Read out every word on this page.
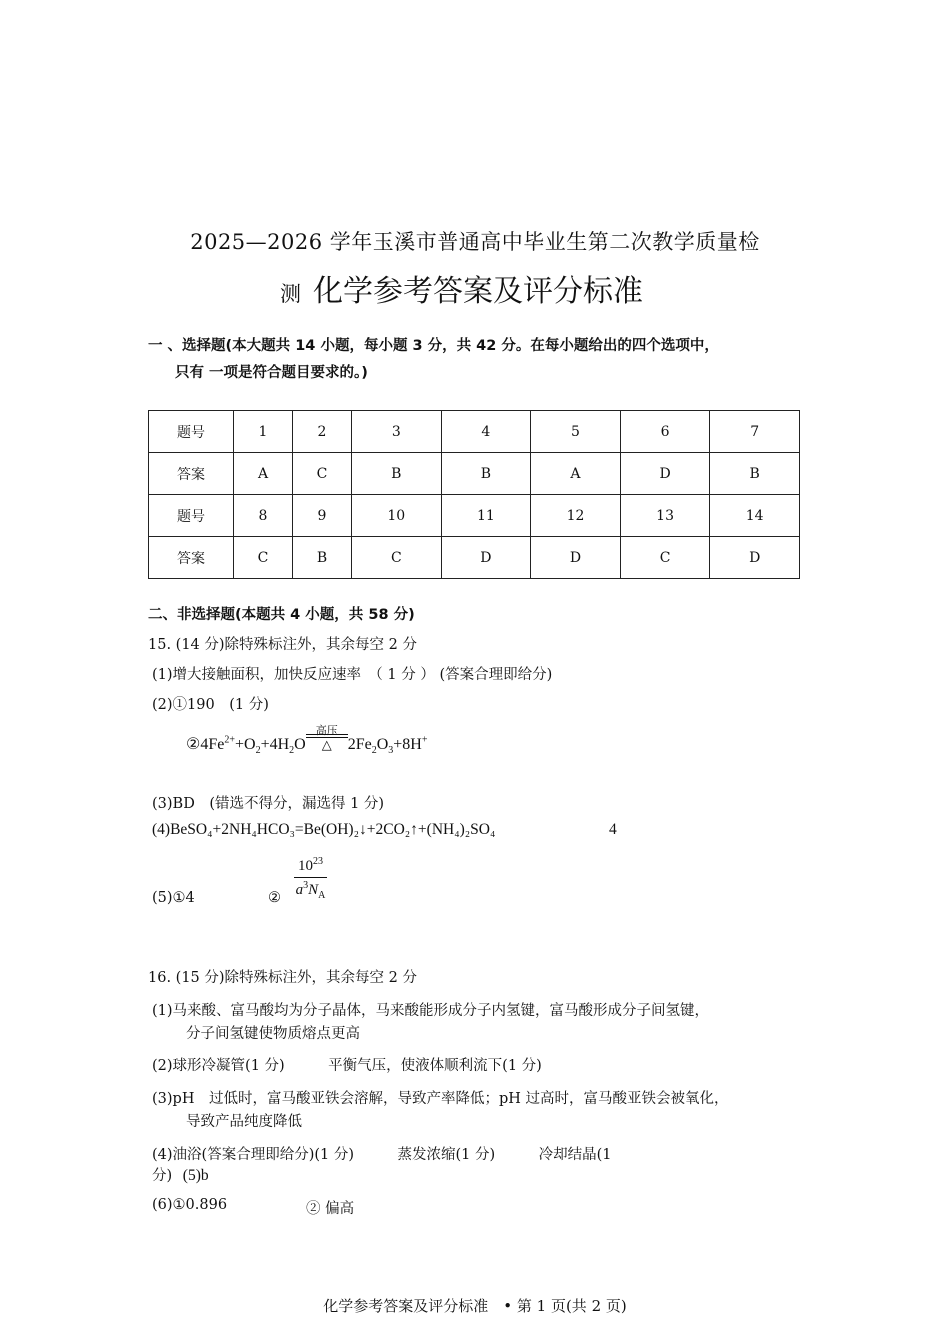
2025—2026 学年玉溪市普通高中毕业生第二次教学质量检
测 化学参考答案及评分标准
一 、选择题(本大题共 14 小题，每小题 3 分，共 42 分。在每小题给出的四个选项中，
只有 一项是符合题目要求的。)
题号	1	2	3	4	5	6	7
答案	A	C	B	B	A	D	B
题号	8	9	10	11	12	13	14
答案	C	B	C	D	D	C	D
二、非选择题(本题共 4 小题，共 58 分)
15. (14 分)除特殊标注外，其余每空 2 分
(1)增大接触面积，加快反应速率　（ 1 分 ） (答案合理即给分)
(2)①190　(1 分)
$②4Fe^{2+}+O_2+4H_2O$
高压
△	$2Fe_2O_3+8H^+$
(3)BD　(错选不得分，漏选得 1 分)
(4)BeSO₄+2NH₄HCO₃=Be(OH)₂↓+2CO₂↑+(NH₄)₂SO₄	4
(5)①4	② $\frac{10^{23}}{a^3N_A}$
16. (15 分)除特殊标注外，其余每空 2 分
(1)马来酸、富马酸均为分子晶体，马来酸能形成分子内氢键，富马酸形成分子间氢键，
分子间氢键使物质熔点更高
(2)球形冷凝管(1 分)　　　平衡气压，使液体顺利流下(1 分)
(3)pH　过低时，富马酸亚铁会溶解，导致产率降低；pH 过高时，富马酸亚铁会被氧化，
导致产品纯度降低
(4)油浴(答案合理即给分)(1 分)　　　蒸发浓缩(1 分)　　　冷却结晶(1
分) (5)b
(6)①0.896	② 偏高
化学参考答案及评分标准　• 第 1 页(共 2 页)
